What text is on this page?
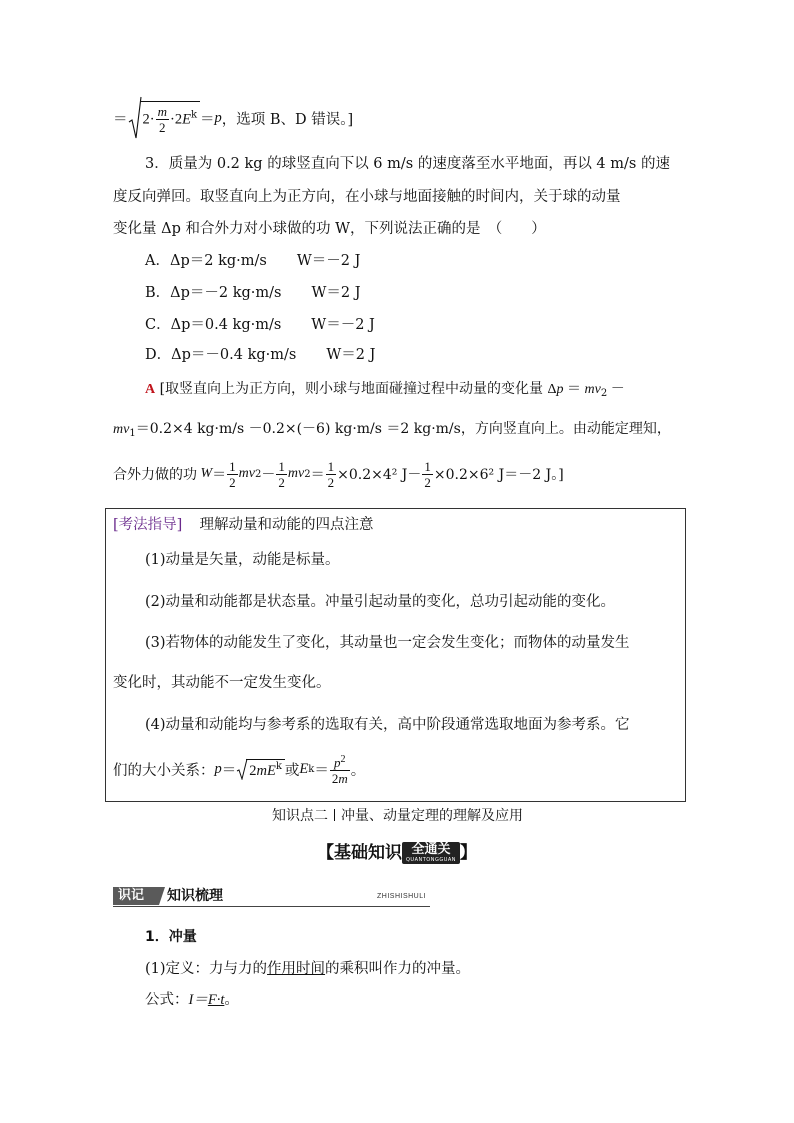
＝	$2\cdot \frac{m}{2} \cdot 2E^k = p$ ，选项 B、D 错误。]
3．质量为 0.2 kg 的球竖直向下以 6 m/s 的速度落至水平地面，再以 4 m/s 的速
度反向弹回。取竖直向上为正方向，在小球与地面接触的时间内，关于球的动量
变化量 Δp 和合外力对小球做的功 W，下列说法正确的是　（　　）
A．Δp＝2 kg·m/s W＝－2 J
B．Δp＝－2 kg·m/s W＝2 J
C．Δp＝0.4 kg·m/s W＝－2 J
D．Δp＝－0.4 kg·m/s W＝2 J
A [取竖直向上为正方向，则小球与地面碰撞过程中动量的变化量 $\Delta p = mv_2$ －
$mv_1=0.2\times 4$ kg·m/s －0.2×(－6) kg·m/s ＝2 kg·m/s，方向竖直向上。由动能定理知，
合外力做的功
$W = \frac{1}{2}$ m v $2 - \frac{1}{2}$ m v $2 = \frac{1}{2} \times 0.2\times 4^2$ $J- \frac{1}{2} \times 0.2\times 6^2$ J＝－2 J。]
[考法指导] 理解动量和动能的四点注意
(1)动量是矢量，动能是标量。
(2)动量和动能都是状态量。冲量引起动量的变化，总功引起动能的变化。
(3)若物体的动能发生了变化，其动量也一定会发生变化；而物体的动量发生
变化时，其动能不一定发生变化。
(4)动量和动能均与参考系的选取有关，高中阶段通常选取地面为参考系。它
们的大小关系： $p = 2mE^k$ 或 E $k = \frac{p^2}{2m}$ 。
知识点二 冲量、动量定理的理解及应用
【基础知识 全通关
QUANTONGGUAN 】
识记 知识梳理	ZHISHISHULI
1．冲量
(1)定义：力与力的作用时间的乘积叫作力的冲量。
公式：I＝F·t。
